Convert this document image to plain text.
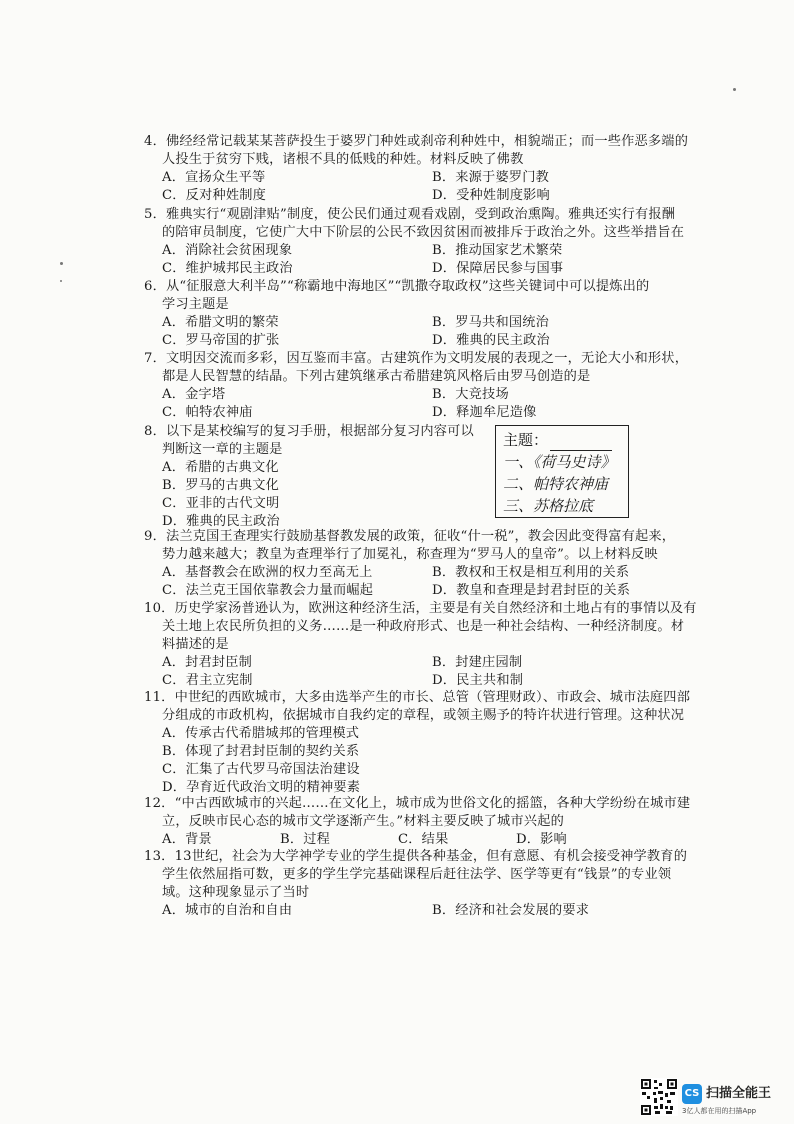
4．佛经经常记载某某菩萨投生于婆罗门种姓或刹帝利种姓中，相貌端正；而一些作恶多端的
人投生于贫穷下贱，诸根不具的低贱的种姓。材料反映了佛教
A．宣扬众生平等	B．来源于婆罗门教
C．反对种姓制度	D．受种姓制度影响
5．雅典实行“观剧津贴”制度，使公民们通过观看戏剧，受到政治熏陶。雅典还实行有报酬
的陪审员制度，它使广大中下阶层的公民不致因贫困而被排斥于政治之外。这些举措旨在
A．消除社会贫困现象	B．推动国家艺术繁荣
C．维护城邦民主政治	D．保障居民参与国事
6．从“征服意大利半岛”“称霸地中海地区”“凯撒夺取政权”这些关键词中可以提炼出的
学习主题是
A．希腊文明的繁荣	B．罗马共和国统治
C．罗马帝国的扩张	D．雅典的民主政治
7．文明因交流而多彩，因互鉴而丰富。古建筑作为文明发展的表现之一，无论大小和形状，
都是人民智慧的结晶。下列古建筑继承古希腊建筑风格后由罗马创造的是
A．金字塔	B．大竞技场
C．帕特农神庙	D．释迦牟尼造像
8．以下是某校编写的复习手册，根据部分复习内容可以
判断这一章的主题是
A．希腊的古典文化
B．罗马的古典文化
C．亚非的古代文明
D．雅典的民主政治
主题：
一、《荷马史诗》
二、帕特农神庙
三、苏格拉底
9．法兰克国王查理实行鼓励基督教发展的政策，征收“什一税”，教会因此变得富有起来，
势力越来越大；教皇为查理举行了加冕礼，称查理为“罗马人的皇帝”。以上材料反映
A．基督教会在欧洲的权力至高无上	B．教权和王权是相互利用的关系
C．法兰克王国依靠教会力量而崛起	D．教皇和查理是封君封臣的关系
10．历史学家汤普逊认为，欧洲这种经济生活，主要是有关自然经济和土地占有的事情以及有
关土地上农民所负担的义务……是一种政府形式、也是一种社会结构、一种经济制度。材
料描述的是
A．封君封臣制	B．封建庄园制
C．君主立宪制	D．民主共和制
11．中世纪的西欧城市，大多由选举产生的市长、总管（管理财政）、市政会、城市法庭四部
分组成的市政机构，依据城市自我约定的章程，或领主赐予的特许状进行管理。这种状况
A．传承古代希腊城邦的管理模式
B．体现了封君封臣制的契约关系
C．汇集了古代罗马帝国法治建设
D．孕育近代政治文明的精神要素
12．“中古西欧城市的兴起……在文化上，城市成为世俗文化的摇篮，各种大学纷纷在城市建
立，反映市民心态的城市文学逐渐产生。”材料主要反映了城市兴起的
A．背景	B．过程	C．结果	D．影响
13．13世纪，社会为大学神学专业的学生提供各种基金，但有意愿、有机会接受神学教育的
学生依然屈指可数，更多的学生学完基础课程后赶往法学、医学等更有“钱景”的专业领
域。这种现象显示了当时
A．城市的自治和自由	B．经济和社会发展的要求
CS 扫描全能王
3亿人都在用的扫描App
